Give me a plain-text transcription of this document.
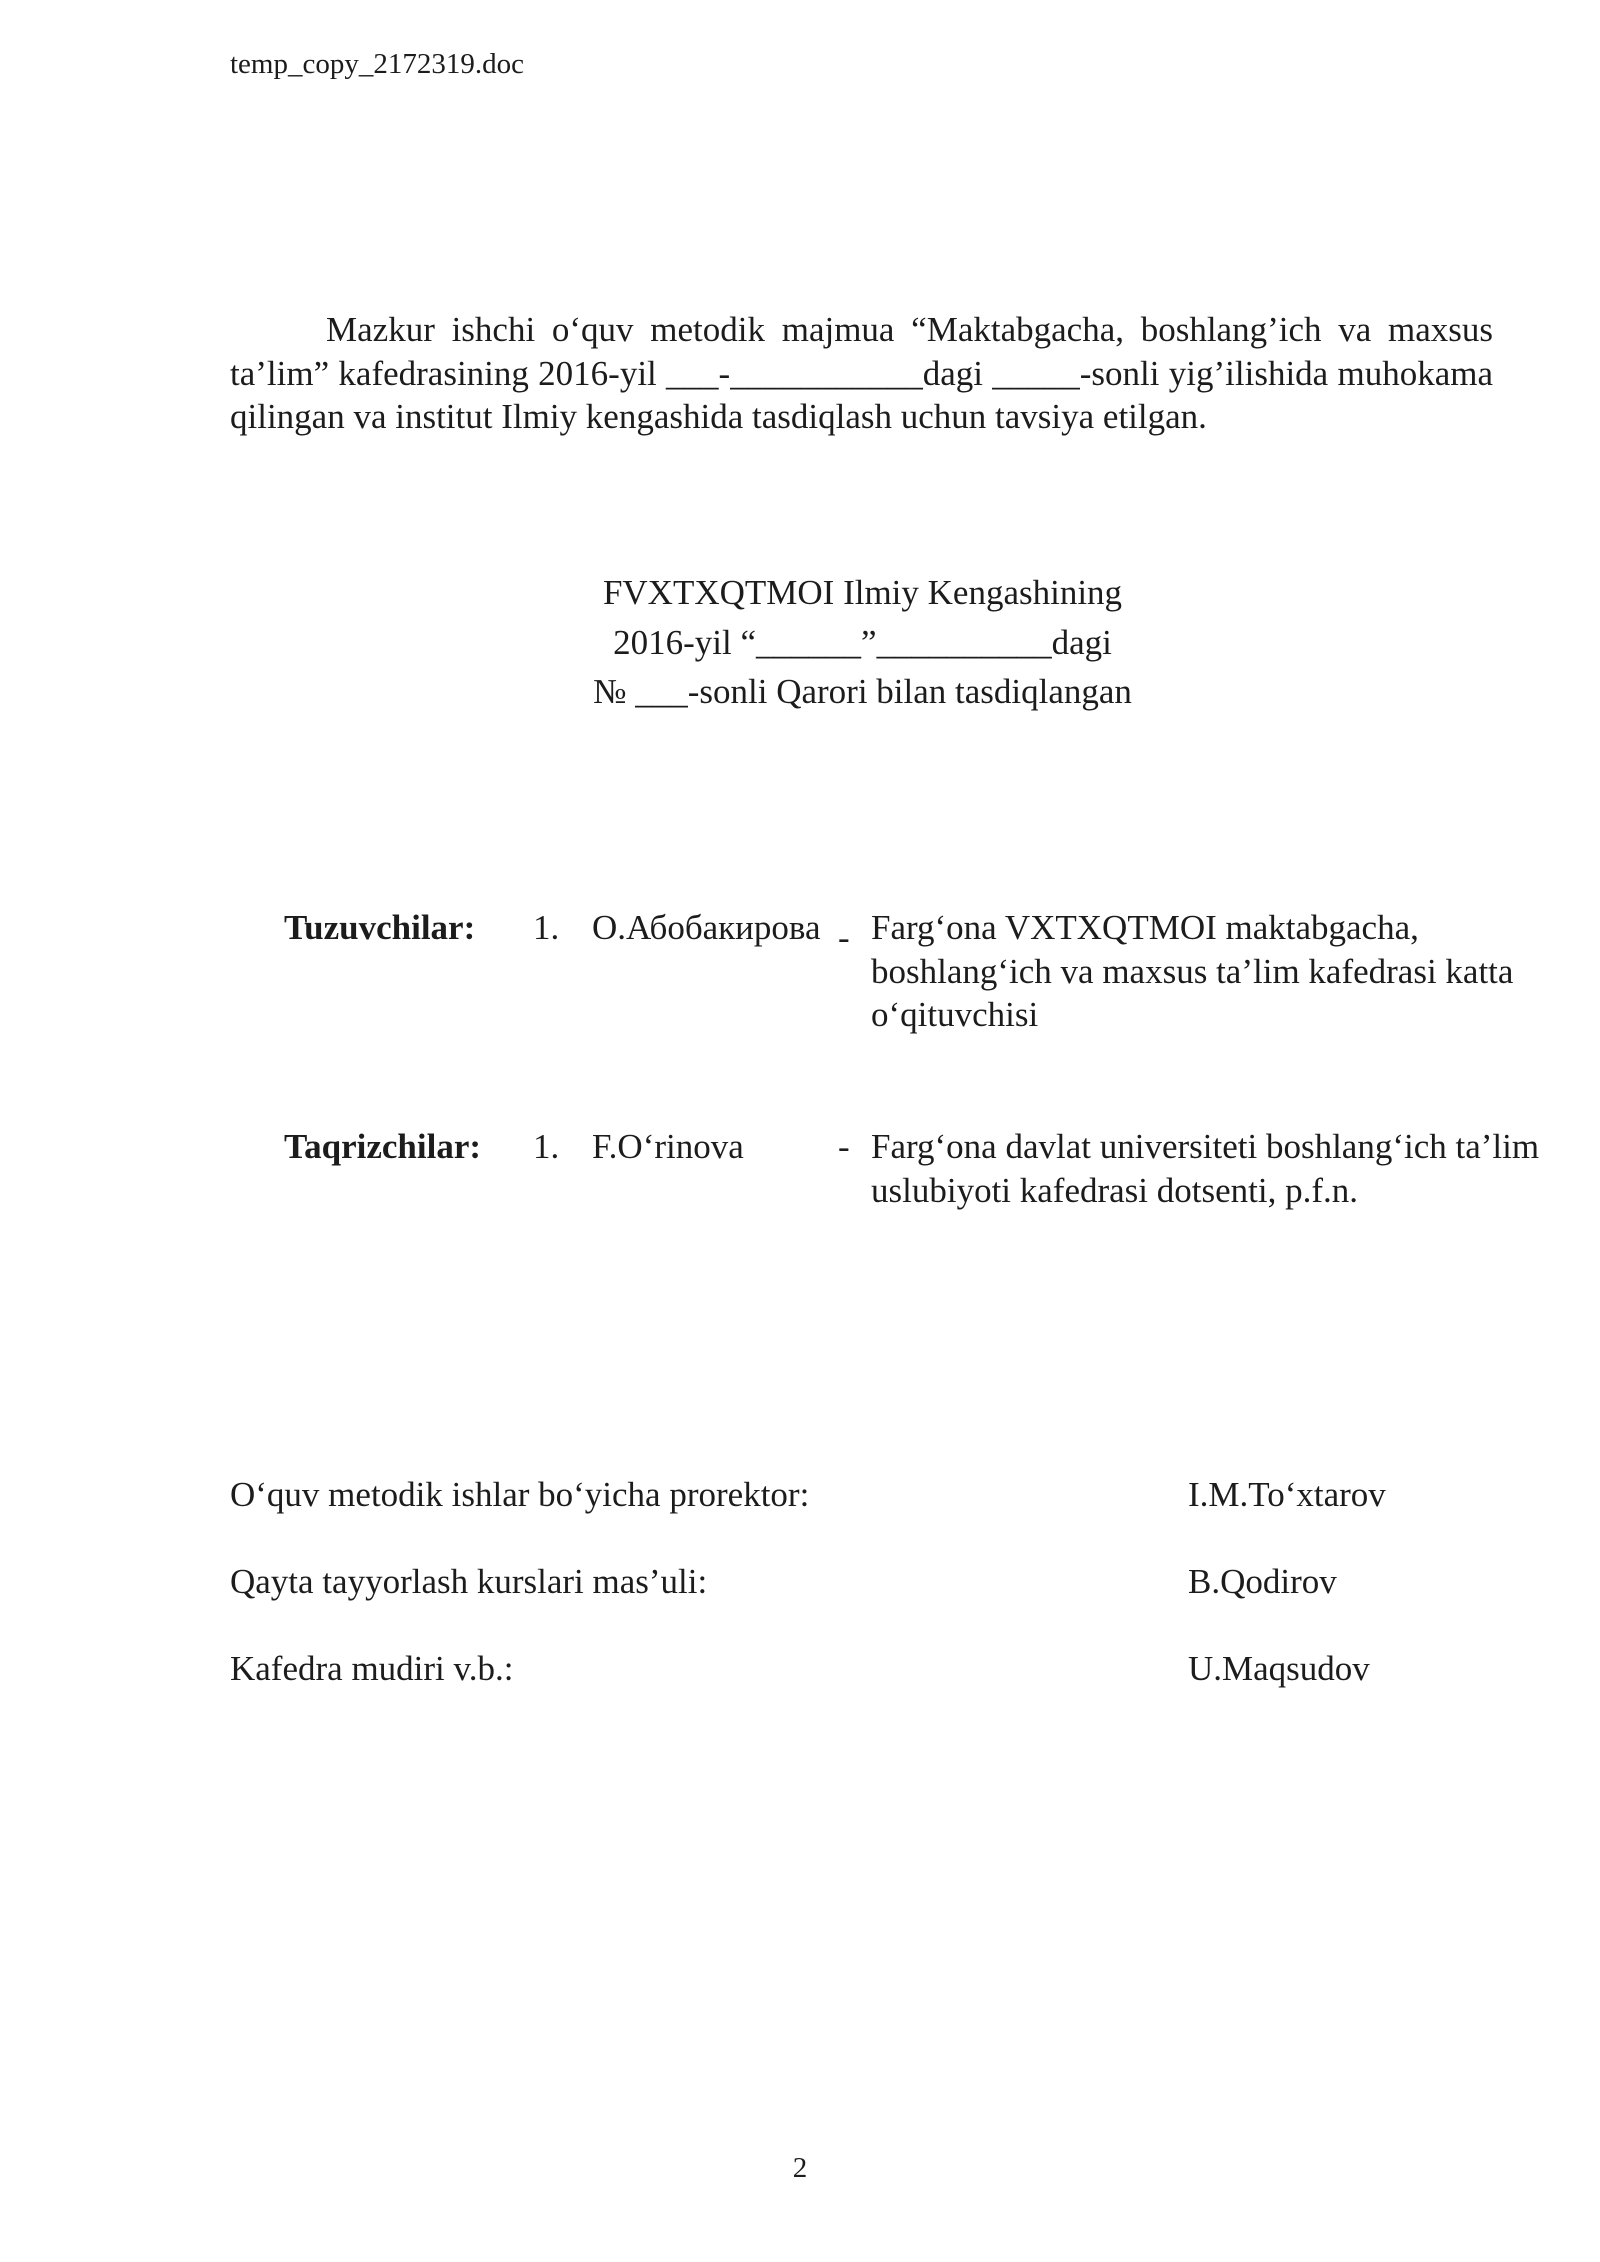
temp_copy_2172319.doc

Mazkur ishchi o‘quv metodik majmua “Maktabgacha, boshlang’ich va maxsus ta’lim” kafedrasining 2016-yil ___-___________dagi _____-sonli yig’ilishida muhokama qilingan va institut Ilmiy kengashida tasdiqlash uchun tavsiya etilgan.

FVXTXQTMOI Ilmiy Kengashining
2016-yil “______”__________dagi
№ ___-sonli Qarori bilan tasdiqlangan
Tuzuvchilar: 1. O.Абобакирова - Farg‘ona VXTXQTMOI maktabgacha, boshlang‘ich va maxsus ta’lim kafedrasi katta o‘qituvchisi
Taqrizchilar: 1. F.O‘rinova	- Farg‘ona davlat universiteti boshlang‘ich ta’lim uslubiyoti kafedrasi dotsenti, p.f.n.
O‘quv metodik ishlar bo‘yicha prorektor:	I.M.To‘xtarov
Qayta tayyorlash kurslari mas’uli:	B.Qodirov
Kafedra mudiri v.b.:	U.Maqsudov
2
